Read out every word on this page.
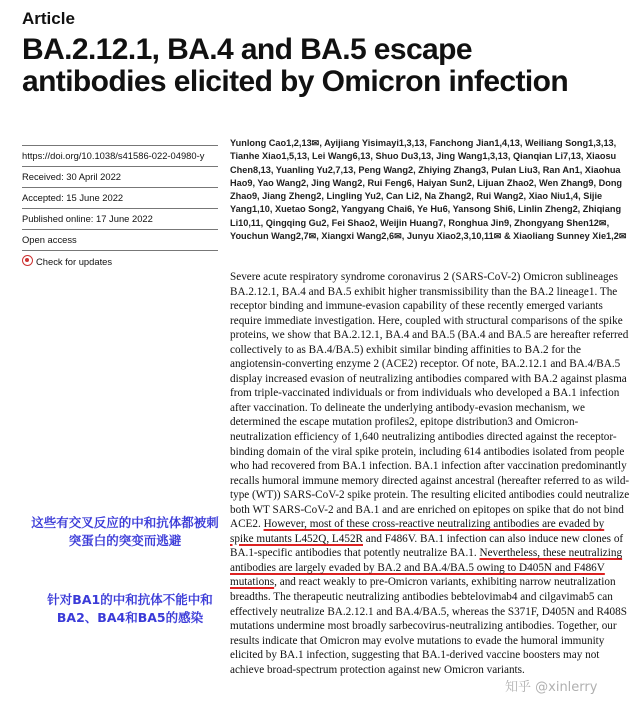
Article
BA.2.12.1, BA.4 and BA.5 escape antibodies elicited by Omicron infection
https://doi.org/10.1038/s41586-022-04980-y
Received: 30 April 2022
Accepted: 15 June 2022
Published online: 17 June 2022
Open access
Check for updates
Yunlong Cao1,2,13✉, Ayijiang Yisimayi1,3,13, Fanchong Jian1,4,13, Weiliang Song1,3,13, Tianhe Xiao1,5,13, Lei Wang6,13, Shuo Du3,13, Jing Wang1,3,13, Qianqian Li7,13, Xiaosu Chen8,13, Yuanling Yu2,7,13, Peng Wang2, Zhiying Zhang3, Pulan Liu3, Ran An1, Xiaohua Hao9, Yao Wang2, Jing Wang2, Rui Feng6, Haiyan Sun2, Lijuan Zhao2, Wen Zhang9, Dong Zhao9, Jiang Zheng2, Lingling Yu2, Can Li2, Na Zhang2, Rui Wang2, Xiao Niu1,4, Sijie Yang1,10, Xuetao Song2, Yangyang Chai6, Ye Hu6, Yansong Shi6, Linlin Zheng2, Zhiqiang Li10,11, Qingqing Gu2, Fei Shao2, Weijin Huang7, Ronghua Jin9, Zhongyang Shen12✉, Youchun Wang2,7✉, Xiangxi Wang2,6✉, Junyu Xiao2,3,10,11✉ & Xiaoliang Sunney Xie1,2✉
Severe acute respiratory syndrome coronavirus 2 (SARS-CoV-2) Omicron sublineages BA.2.12.1, BA.4 and BA.5 exhibit higher transmissibility than the BA.2 lineage1. The receptor binding and immune-evasion capability of these recently emerged variants require immediate investigation. Here, coupled with structural comparisons of the spike proteins, we show that BA.2.12.1, BA.4 and BA.5 (BA.4 and BA.5 are hereafter referred collectively to as BA.4/BA.5) exhibit similar binding affinities to BA.2 for the angiotensin-converting enzyme 2 (ACE2) receptor. Of note, BA.2.12.1 and BA.4/BA.5 display increased evasion of neutralizing antibodies compared with BA.2 against plasma from triple-vaccinated individuals or from individuals who developed a BA.1 infection after vaccination. To delineate the underlying antibody-evasion mechanism, we determined the escape mutation profiles2, epitope distribution3 and Omicron-neutralization efficiency of 1,640 neutralizing antibodies directed against the receptor-binding domain of the viral spike protein, including 614 antibodies isolated from people who had recovered from BA.1 infection. BA.1 infection after vaccination predominantly recalls humoral immune memory directed against ancestral (hereafter referred to as wild-type (WT)) SARS-CoV-2 spike protein. The resulting elicited antibodies could neutralize both WT SARS-CoV-2 and BA.1 and are enriched on epitopes on spike that do not bind ACE2. However, most of these cross-reactive neutralizing antibodies are evaded by spike mutants L452Q, L452R and F486V. BA.1 infection can also induce new clones of BA.1-specific antibodies that potently neutralize BA.1. Nevertheless, these neutralizing antibodies are largely evaded by BA.2 and BA.4/BA.5 owing to D405N and F486V mutations, and react weakly to pre-Omicron variants, exhibiting narrow neutralization breadths. The therapeutic neutralizing antibodies bebtelovimab4 and cilgavimab5 can effectively neutralize BA.2.12.1 and BA.4/BA.5, whereas the S371F, D405N and R408S mutations undermine most broadly sarbecovirus-neutralizing antibodies. Together, our results indicate that Omicron may evolve mutations to evade the humoral immunity elicited by BA.1 infection, suggesting that BA.1-derived vaccine boosters may not achieve broad-spectrum protection against new Omicron variants.
这些有交叉反应的中和抗体都被刺突蛋白的突变而逃避
针对BA1的中和抗体不能中和BA2、BA4和BA5的感染
知乎 @xinlerry
